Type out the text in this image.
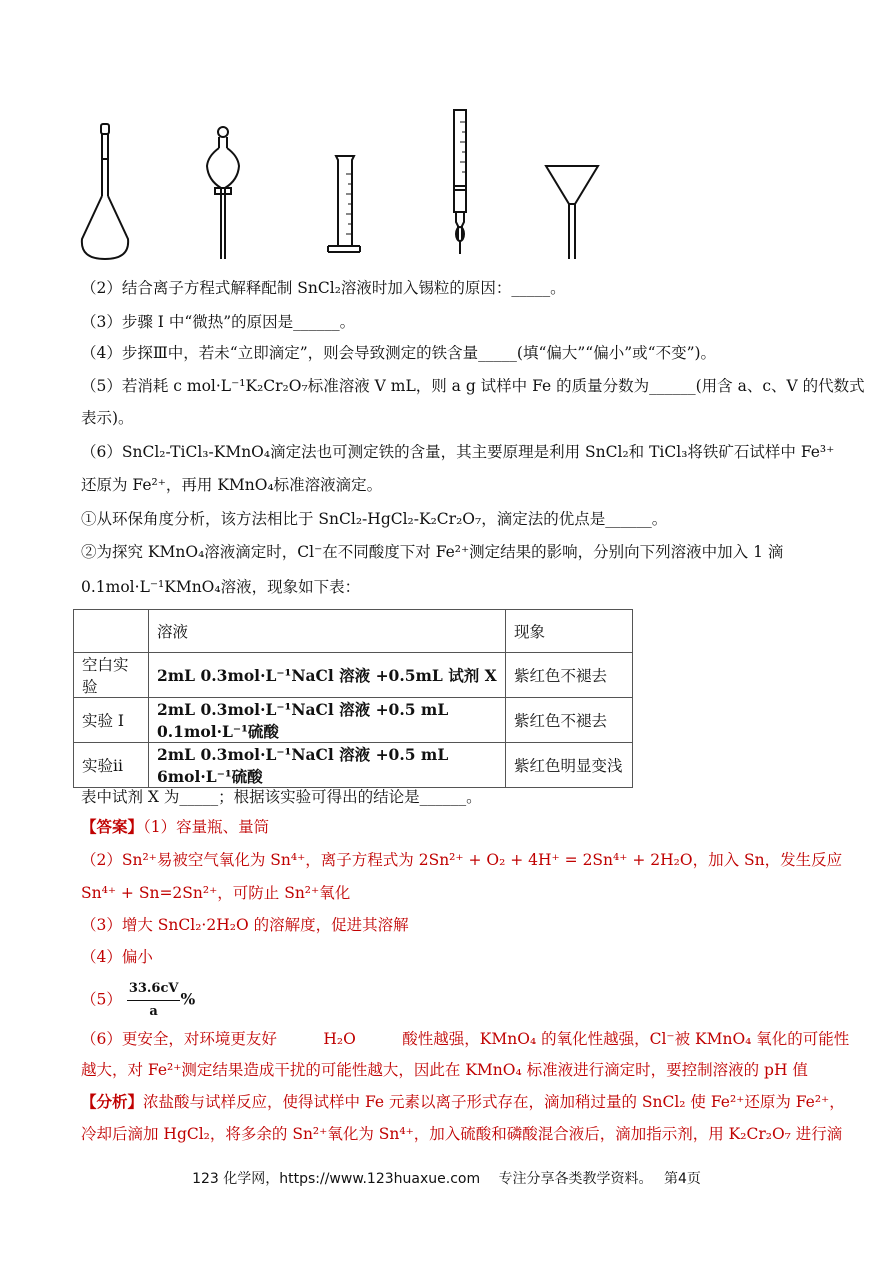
（2）结合离子方程式解释配制 SnCl₂溶液时加入锡粒的原因：_____。
（3）步骤 I 中“微热”的原因是______。
（4）步探Ⅲ中，若未“立即滴定”，则会导致测定的铁含量_____(填“偏大”“偏小”或“不变”)。
（5）若消耗 c mol·L⁻¹K₂Cr₂O₇标准溶液 V mL，则 a g 试样中 Fe 的质量分数为______(用含 a、c、V 的代数式
表示)。
（6）SnCl₂-TiCl₃-KMnO₄滴定法也可测定铁的含量，其主要原理是利用 SnCl₂和 TiCl₃将铁矿石试样中 Fe³⁺
还原为 Fe²⁺，再用 KMnO₄标准溶液滴定。
①从环保角度分析，该方法相比于 SnCl₂-HgCl₂-K₂Cr₂O₇，滴定法的优点是______。
②为探究 KMnO₄溶液滴定时，Cl⁻在不同酸度下对 Fe²⁺测定结果的影响，分别向下列溶液中加入 1 滴
0.1mol·L⁻¹KMnO₄溶液，现象如下表：
	溶液	现象
空白实验	2mL 0.3mol·L⁻¹NaCl 溶液 +0.5mL 试剂 X	紫红色不褪去
实验 I	2mL 0.3mol·L⁻¹NaCl 溶液 +0.5 mL 0.1mol·L⁻¹硫酸	紫红色不褪去
实验ii	2mL 0.3mol·L⁻¹NaCl 溶液 +0.5 mL 6mol·L⁻¹硫酸	紫红色明显变浅
表中试剂 X 为_____；根据该实验可得出的结论是______。
【答案】（1）容量瓶、量筒
（2）Sn²⁺易被空气氧化为 Sn⁴⁺，离子方程式为 2Sn²⁺ + O₂ + 4H⁺ = 2Sn⁴⁺ + 2H₂O，加入 Sn，发生反应
Sn⁴⁺ + Sn=2Sn²⁺，可防止 Sn²⁺氧化
（3）增大 SnCl₂·2H₂O 的溶解度，促进其溶解
（4）偏小
$(5) \frac{33.6cV}{a}$ %
（6）更安全，对环境更友好　　　H₂O　　　酸性越强，KMnO₄ 的氧化性越强，Cl⁻被 KMnO₄ 氧化的可能性
越大，对 Fe²⁺测定结果造成干扰的可能性越大，因此在 KMnO₄ 标准液进行滴定时，要控制溶液的 pH 值
【分析】浓盐酸与试样反应，使得试样中 Fe 元素以离子形式存在，滴加稍过量的 SnCl₂ 使 Fe²⁺还原为 Fe²⁺，
冷却后滴加 HgCl₂，将多余的 Sn²⁺氧化为 Sn⁴⁺，加入硫酸和磷酸混合液后，滴加指示剂，用 K₂Cr₂O₇ 进行滴
123 化学网，https://www.123huaxue.com　 专注分享各类教学资料。　 第4页
